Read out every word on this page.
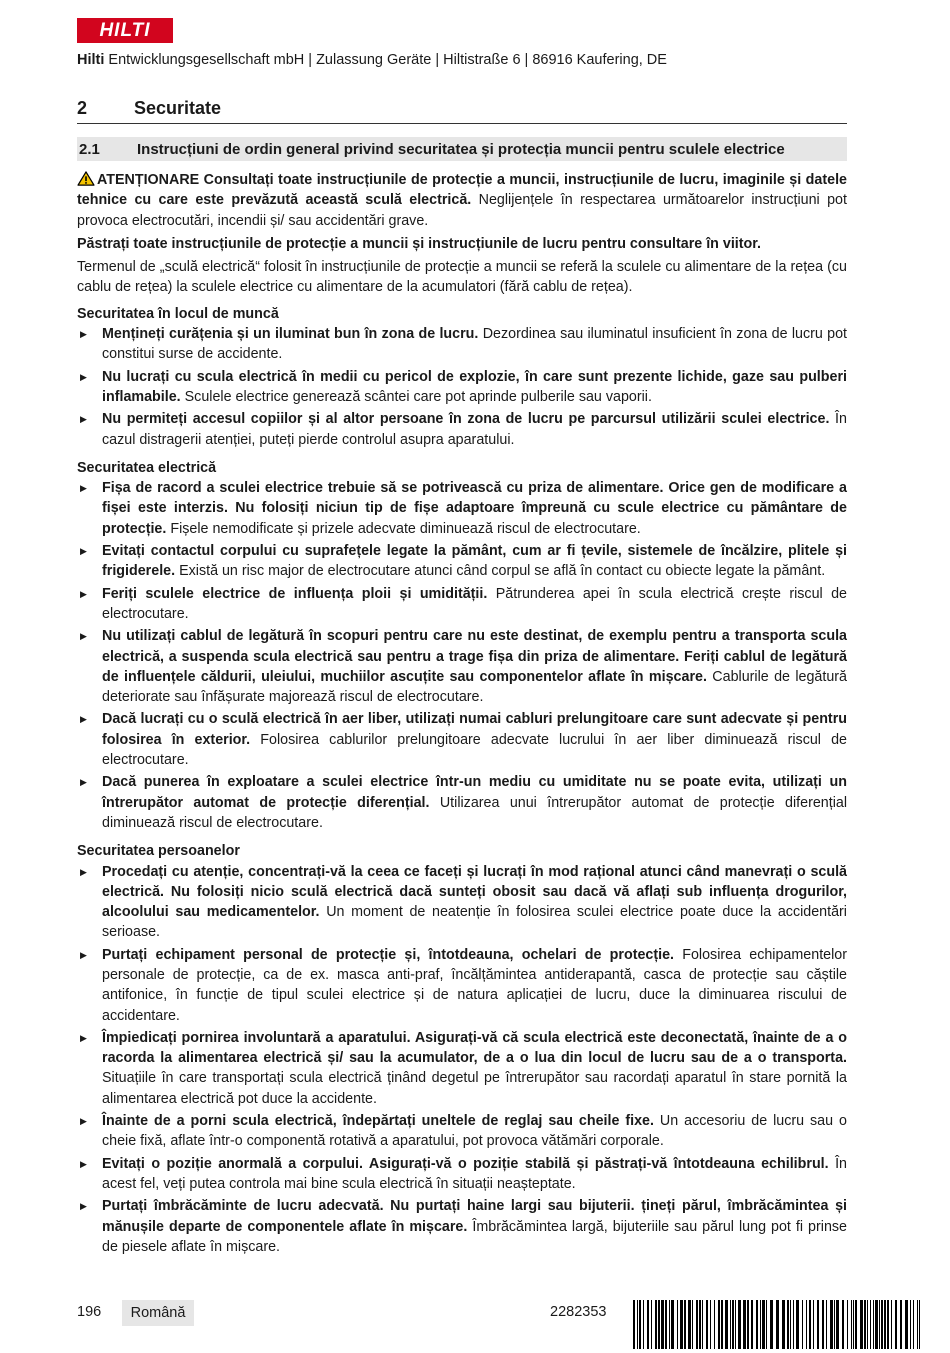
HILTI
Hilti Entwicklungsgesellschaft mbH | Zulassung Geräte | Hiltistraße 6 | 86916 Kaufering, DE
2	Securitate
2.1	Instrucțiuni de ordin general privind securitatea și protecția muncii pentru sculele electrice

ATENȚIONARE Consultați toate instrucțiunile de protecție a muncii, instrucțiunile de lucru, imaginile și datele tehnice cu care este prevăzută această sculă electrică. Neglijențele în respectarea următoarelor instrucțiuni pot provoca electrocutări, incendii și/ sau accidentări grave.

Păstrați toate instrucțiunile de protecție a muncii și instrucțiunile de lucru pentru consultare în viitor.

Termenul de „sculă electrică“ folosit în instrucțiunile de protecție a muncii se referă la sculele cu alimentare de la rețea (cu cablu de rețea) la sculele electrice cu alimentare de la acumulatori (fără cablu de rețea).

Securitatea în locul de muncă
▶ Mențineți curățenia și un iluminat bun în zona de lucru. Dezordinea sau iluminatul insuficient în zona de lucru pot constitui surse de accidente.
▶ Nu lucrați cu scula electrică în medii cu pericol de explozie, în care sunt prezente lichide, gaze sau pulberi inflamabile. Sculele electrice generează scântei care pot aprinde pulberile sau vaporii.
▶ Nu permiteți accesul copiilor și al altor persoane în zona de lucru pe parcursul utilizării sculei electrice. În cazul distragerii atenției, puteți pierde controlul asupra aparatului.
Securitatea electrică
▶ Fișa de racord a sculei electrice trebuie să se potrivească cu priza de alimentare. Orice gen de modificare a fișei este interzis. Nu folosiți niciun tip de fișe adaptoare împreună cu scule electrice cu pământare de protecție. Fișele nemodificate și prizele adecvate diminuează riscul de electrocutare.
▶ Evitați contactul corpului cu suprafețele legate la pământ, cum ar fi țevile, sistemele de încălzire, plitele și frigiderele. Există un risc major de electrocutare atunci când corpul se află în contact cu obiecte legate la pământ.
▶ Feriți sculele electrice de influența ploii și umidității. Pătrunderea apei în scula electrică crește riscul de electrocutare.
▶ Nu utilizați cablul de legătură în scopuri pentru care nu este destinat, de exemplu pentru a transporta scula electrică, a suspenda scula electrică sau pentru a trage fișa din priza de alimentare. Feriți cablul de legătură de influențele căldurii, uleiului, muchiilor ascuțite sau componentelor aflate în mișcare. Cablurile de legătură deteriorate sau înfășurate majorează riscul de electrocutare.
▶ Dacă lucrați cu o sculă electrică în aer liber, utilizați numai cabluri prelungitoare care sunt adecvate și pentru folosirea în exterior. Folosirea cablurilor prelungitoare adecvate lucrului în aer liber diminuează riscul de electrocutare.
▶ Dacă punerea în exploatare a sculei electrice într-un mediu cu umiditate nu se poate evita, utilizați un întrerupător automat de protecție diferențial. Utilizarea unui întrerupător automat de protecție diferențial diminuează riscul de electrocutare.
Securitatea persoanelor
▶ Procedați cu atenție, concentrați-vă la ceea ce faceți și lucrați în mod rațional atunci când manevrați o sculă electrică. Nu folosiți nicio sculă electrică dacă sunteți obosit sau dacă vă aflați sub influența drogurilor, alcoolului sau medicamentelor. Un moment de neatenție în folosirea sculei electrice poate duce la accidentări serioase.
▶ Purtați echipament personal de protecție și, întotdeauna, ochelari de protecție. Folosirea echipamentelor personale de protecție, ca de ex. masca anti-praf, încălțămintea antiderapantă, casca de protecție sau căștile antifonice, în funcție de tipul sculei electrice și de natura aplicației de lucru, duce la diminuarea riscului de accidentare.
▶ Împiedicați pornirea involuntară a aparatului. Asigurați-vă că scula electrică este deconectată, înainte de a o racorda la alimentarea electrică și/ sau la acumulator, de a o lua din locul de lucru sau de a o transporta. Situațiile în care transportați scula electrică ținând degetul pe întrerupător sau racordați aparatul în stare pornită la alimentarea electrică pot duce la accidente.
▶ Înainte de a porni scula electrică, îndepărtați uneltele de reglaj sau cheile fixe. Un accesoriu de lucru sau o cheie fixă, aflate într-o componentă rotativă a aparatului, pot provoca vătămări corporale.
▶ Evitați o poziție anormală a corpului. Asigurați-vă o poziție stabilă și păstrați-vă întotdeauna echilibrul. În acest fel, veți putea controla mai bine scula electrică în situații neașteptate.
▶ Purtați îmbrăcăminte de lucru adecvată. Nu purtați haine largi sau bijuterii. țineți părul, îmbrăcămintea și mănușile departe de componentele aflate în mișcare. Îmbrăcămintea largă, bijuteriile sau părul lung pot fi prinse de piesele aflate în mișcare.
196	Română	2282353
